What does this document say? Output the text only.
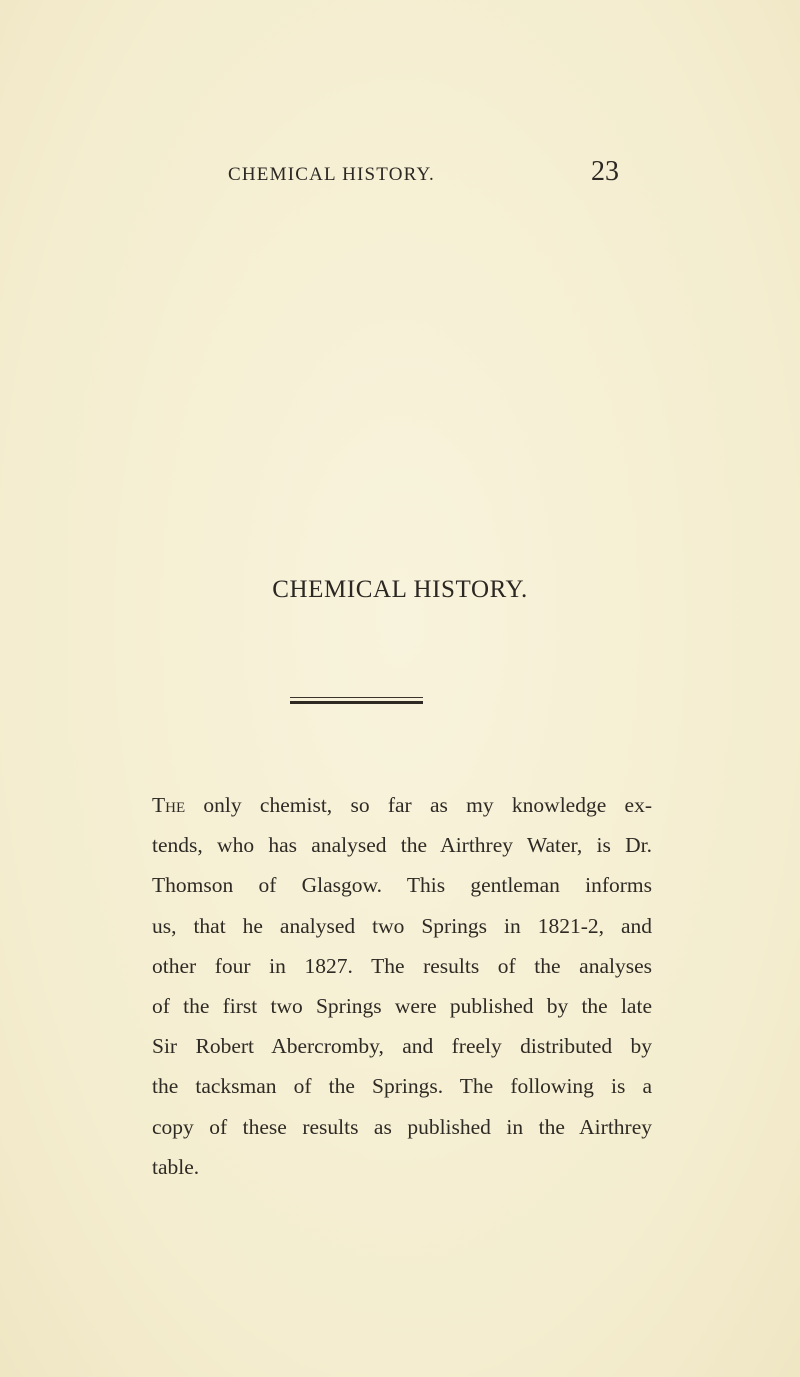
CHEMICAL HISTORY.	23
CHEMICAL HISTORY.
The only chemist, so far as my knowledge ex-
tends, who has analysed the Airthrey Water, is Dr.
Thomson of Glasgow. This gentleman informs
us, that he analysed two Springs in 1821-2, and
other four in 1827. The results of the analyses
of the first two Springs were published by the late
Sir Robert Abercromby, and freely distributed by
the tacksman of the Springs. The following is a
copy of these results as published in the Airthrey
table.
